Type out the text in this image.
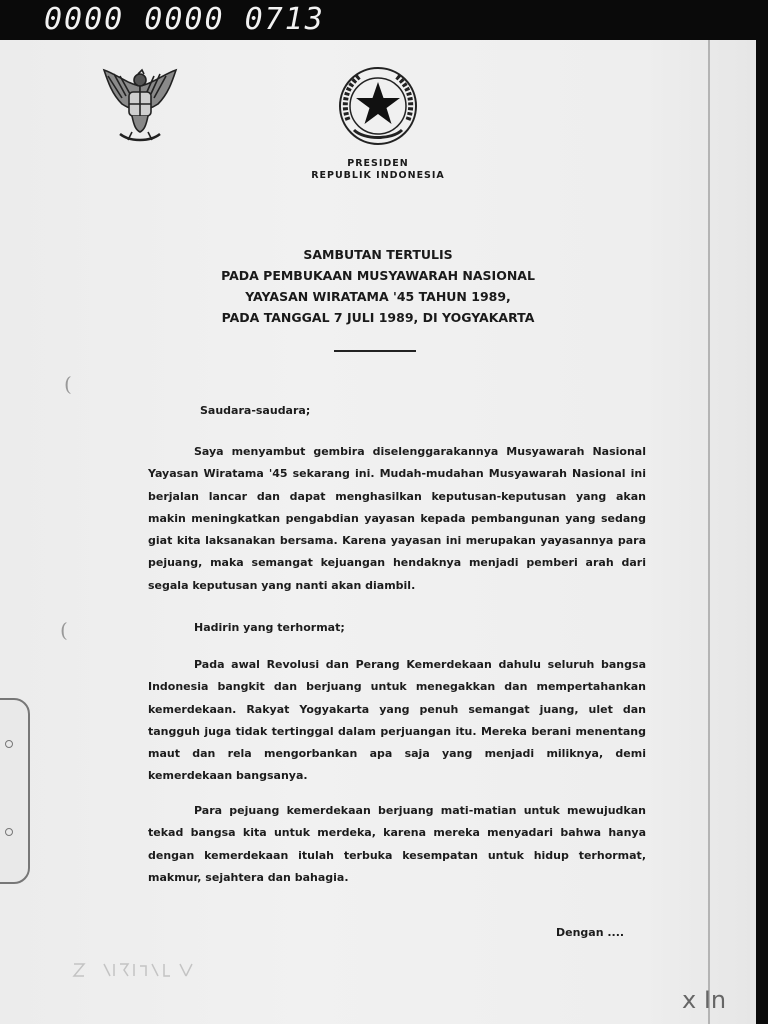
0000 0000 0713
(
(
PRESIDEN
REPUBLIK INDONESIA
SAMBUTAN TERTULIS
PADA PEMBUKAAN MUSYAWARAH NASIONAL
YAYASAN WIRATAMA '45 TAHUN 1989,
PADA TANGGAL 7 JULI 1989, DI YOGYAKARTA
Saudara-saudara;

Saya menyambut gembira diselenggarakannya Musyawarah Nasional Yayasan Wiratama '45 sekarang ini. Mudah-mudahan Musyawarah Nasional ini berjalan lancar dan dapat menghasilkan keputusan-keputusan yang akan makin meningkatkan pengabdian yayasan kepada pembangunan yang sedang giat kita laksanakan bersama. Karena yayasan ini merupakan yayasannya para pejuang, maka semangat kejuangan hendaknya menjadi pemberi arah dari segala keputusan yang nanti akan diambil.

Hadirin yang terhormat;

Pada awal Revolusi dan Perang Kemerdekaan dahulu seluruh bangsa Indonesia bangkit dan berjuang untuk menegakkan dan mempertahankan kemerdekaan. Rakyat Yogyakarta yang penuh semangat juang, ulet dan tangguh juga tidak tertinggal dalam perjuangan itu. Mereka berani menentang maut dan rela mengorbankan apa saja yang menjadi miliknya, demi kemerdekaan bangsanya.

Para pejuang kemerdekaan berjuang mati-matian untuk mewujudkan tekad bangsa kita untuk merdeka, karena mereka menyadari bahwa hanya dengan kemerdekaan itulah terbuka kesempatan untuk hidup terhormat, makmur, sejahtera dan bahagia.

Dengan ....
x In
